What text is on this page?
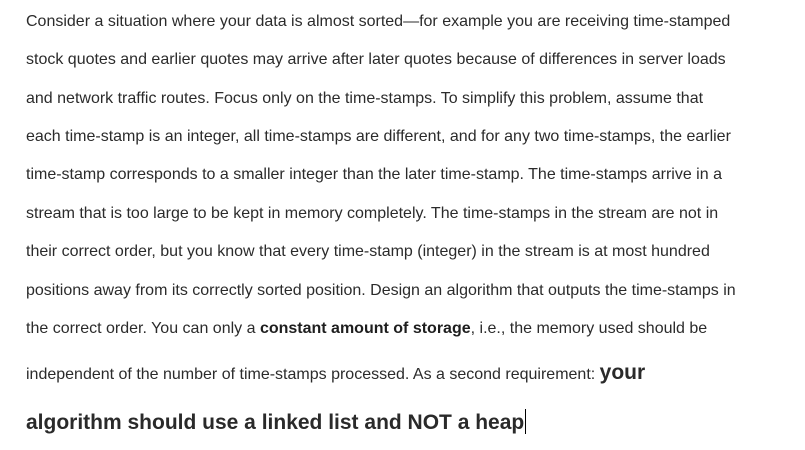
Consider a situation where your data is almost sorted—for example you are receiving time-stamped
stock quotes and earlier quotes may arrive after later quotes because of differences in server loads
and network traffic routes. Focus only on the time-stamps. To simplify this problem, assume that
each time-stamp is an integer, all time-stamps are different, and for any two time-stamps, the earlier
time-stamp corresponds to a smaller integer than the later time-stamp. The time-stamps arrive in a
stream that is too large to be kept in memory completely. The time-stamps in the stream are not in
their correct order, but you know that every time-stamp (integer) in the stream is at most hundred
positions away from its correctly sorted position. Design an algorithm that outputs the time-stamps in
the correct order. You can only a constant amount of storage, i.e., the memory used should be
independent of the number of time-stamps processed. As a second requirement: your
algorithm should use a linked list and NOT a heap
